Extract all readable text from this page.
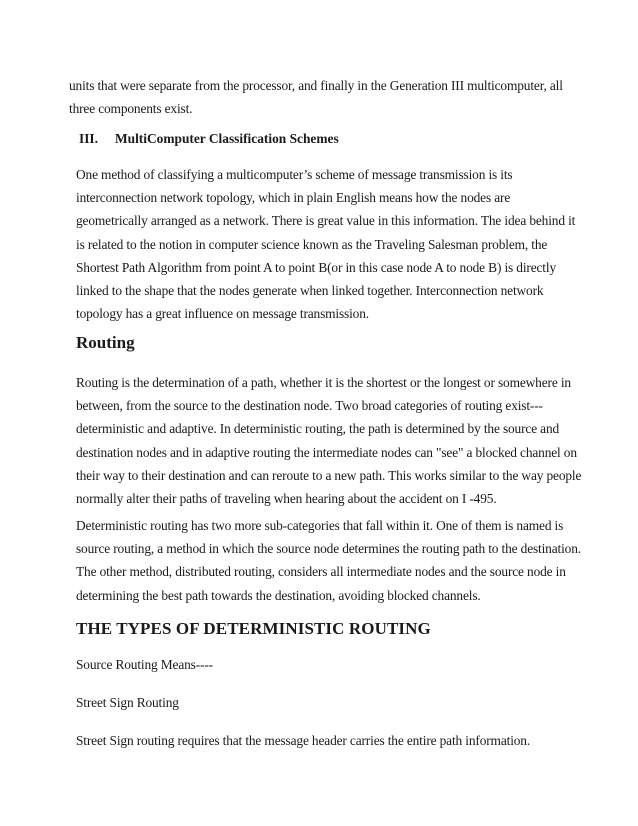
units that were separate from the processor, and finally in the Generation III multicomputer, all
three components exist.

III. MultiComputer Classification Schemes

One method of classifying a multicomputer’s scheme of message transmission is its
interconnection network topology, which in plain English means how the nodes are
geometrically arranged as a network. There is great value in this information. The idea behind it
is related to the notion in computer science known as the Traveling Salesman problem, the
Shortest Path Algorithm from point A to point B(or in this case node A to node B) is directly
linked to the shape that the nodes generate when linked together. Interconnection network
topology has a great influence on message transmission.

Routing

Routing is the determination of a path, whether it is the shortest or the longest or somewhere in
between, from the source to the destination node. Two broad categories of routing exist---
deterministic and adaptive. In deterministic routing, the path is determined by the source and
destination nodes and in adaptive routing the intermediate nodes can "see" a blocked channel on
their way to their destination and can reroute to a new path. This works similar to the way people
normally alter their paths of traveling when hearing about the accident on I -495.

Deterministic routing has two more sub-categories that fall within it. One of them is named is
source routing, a method in which the source node determines the routing path to the destination.
The other method, distributed routing, considers all intermediate nodes and the source node in
determining the best path towards the destination, avoiding blocked channels.

THE TYPES OF DETERMINISTIC ROUTING

Source Routing Means----

Street Sign Routing

Street Sign routing requires that the message header carries the entire path information.
